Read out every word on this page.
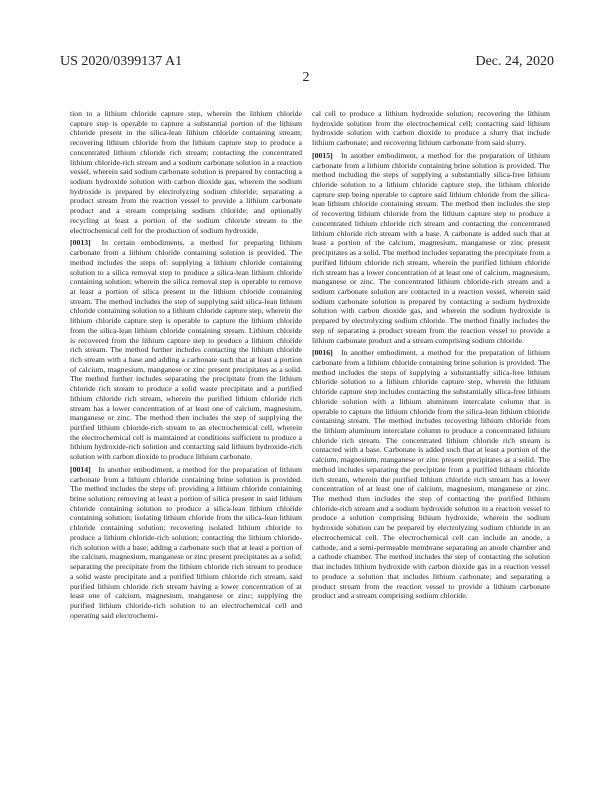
US 2020/0399137 A1	Dec. 24, 2020
2

tion to a lithium chloride capture step, wherein the lithium chloride capture step is operable to capture a substantial portion of the lithium chloride present in the silica-lean lithium chloride containing stream; recovering lithium chloride from the lithium capture step to produce a concentrated lithium chloride rich stream; contacting the concentrated lithium chloride-rich stream and a sodium carbonate solution in a reaction vessel, wherein said sodium carbonate solution is prepared by contacting a sodium hydroxide solution with carbon dioxide gas, wherein the sodium hydroxide is prepared by electrolyzing sodium chloride; separating a product stream from the reaction vessel to provide a lithium carbonate product and a stream comprising sodium chloride; and optionally recycling at least a portion of the sodium chloride stream to the electrochemical cell for the production of sodium hydroxide.

[0013] In certain embodiments, a method for preparing lithium carbonate from a lithium chloride containing solution is provided. The method includes the steps of: supplying a lithium chloride containing solution to a silica removal step to produce a silica-lean lithium chloride containing solution; wherein the silica removal step is operable to remove at least a portion of silica present in the lithium chloride containing stream. The method includes the step of supplying said silica-lean lithium chloride containing solution to a lithium chloride capture step, wherein the lithium chloride capture step is operable to capture the lithium chloride from the silica-lean lithium chloride containing stream. Lithium chloride is recovered from the lithium capture step to produce a lithium chloride rich stream. The method further includes contacting the lithium chloride rich stream with a base and adding a carbonate such that at least a portion of calcium, magnesium, manganese or zinc present precipitates as a solid. The method further includes separating the precipitate from the lithium chloride rich stream to produce a solid waste precipitate and a purified lithium chloride rich stream, wherein the purified lithium chloride rich stream has a lower concentration of at least one of calcium, magnesium, manganese or zinc. The method then includes the step of supplying the purified lithium chloride-rich stream to an electrochemical cell, wherein the electrochemical cell is maintained at conditions sufficient to produce a lithium hydroxide-rich solution and contacting said lithium hydroxide-rich solution with carbon dioxide to produce lithium carbonate.

[0014] In another embodiment, a method for the preparation of lithium carbonate from a lithium chloride containing brine solution is provided. The method includes the steps of: providing a lithium chloride containing brine solution; removing at least a portion of silica present in said lithium chloride containing solution to produce a silica-lean lithium chloride containing solution; isolating lithium chloride from the silica-lean lithium chloride containing solution; recovering isolated lithium chloride to produce a lithium chloride-rich solution; contacting the lithium chloride-rich solution with a base; adding a carbonate such that at least a portion of the calcium, magnesium, manganese or zinc present precipitates as a solid; separating the precipitate from the lithium chloride rich stream to produce a solid waste precipitate and a purified lithium chloride rich stream, said purified lithium chloride rich stream having a lower concentration of at least one of calcium, magnesium, manganese or zinc; supplying the purified lithium chloride-rich solution to an electrochemical cell and operating said electrochemi-

cal cell to produce a lithium hydroxide solution; recovering the lithium hydroxide solution from the electrochemical cell; contacting said lithium hydroxide solution with carbon dioxide to produce a slurry that include lithium carbonate; and recovering lithium carbonate from said slurry.

[0015] In another embodiment, a method for the preparation of lithium carbonate from a lithium chloride containing brine solution is provided. The method including the steps of supplying a substantially silica-free lithium chloride solution to a lithium chloride capture step, the lithium chloride capture step being operable to capture said lithium chloride from the silica-lean lithium chloride containing stream. The method then includes the step of recovering lithium chloride from the lithium capture step to produce a concentrated lithium chloride rich stream and contacting the concentrated lithium chloride rich stream with a base. A carbonate is added such that at least a portion of the calcium, magnesium, manganese or zinc present precipitates as a solid. The method includes separating the precipitate from a purified lithium chloride rich stream, wherein the purified lithium chloride rich stream has a lower concentration of at least one of calcium, magnesium, manganese or zinc. The concentrated lithium chloride-rich stream and a sodium carbonate solution are contacted in a reaction vessel, wherein said sodium carbonate solution is prepared by contacting a sodium hydroxide solution with carbon dioxide gas, and wherein the sodium hydroxide is prepared by electrolyzing sodium chloride. The method finally includes the step of separating a product stream from the reaction vessel to provide a lithium carbonate product and a stream comprising sodium chloride.

[0016] In another embodiment, a method for the preparation of lithium carbonate from a lithium chloride containing brine solution is provided. The method includes the steps of supplying a substantially silica-free lithium chloride solution to a lithium chloride capture step, wherein the lithium chloride capture step includes contacting the substantially silica-free lithium chloride solution with a lithium aluminum intercalate column that is operable to capture the lithium chloride from the silica-lean lithium chloride containing stream. The method includes recovering lithium chloride from the lithium aluminum intercalate column to produce a concentrated lithium chloride rich stream. The concentrated lithium chloride rich stream is contacted with a base. Carbonate is added such that at least a portion of the calcium, magnesium, manganese or zinc present precipitates as a solid. The method includes separating the precipitate from a purified lithium chloride rich stream, wherein the purified lithium chloride rich stream has a lower concentration of at least one of calcium, magnesium, manganese or zinc. The method then includes the step of contacting the purified lithium chloride-rich stream and a sodium hydroxide solution in a reaction vessel to produce a solution comprising lithium hydroxide, wherein the sodium hydroxide solution can be prepared by electrolyzing sodium chloride in an electrochemical cell. The electrochemical cell can include an anode, a cathode, and a semi-permeable membrane separating an anode chamber and a cathode chamber. The method includes the step of contacting the solution that includes lithium hydroxide with carbon dioxide gas in a reaction vessel to produce a solution that includes lithium carbonate; and separating a product stream from the reaction vessel to provide a lithium carbonate product and a stream comprising sodium chloride.
